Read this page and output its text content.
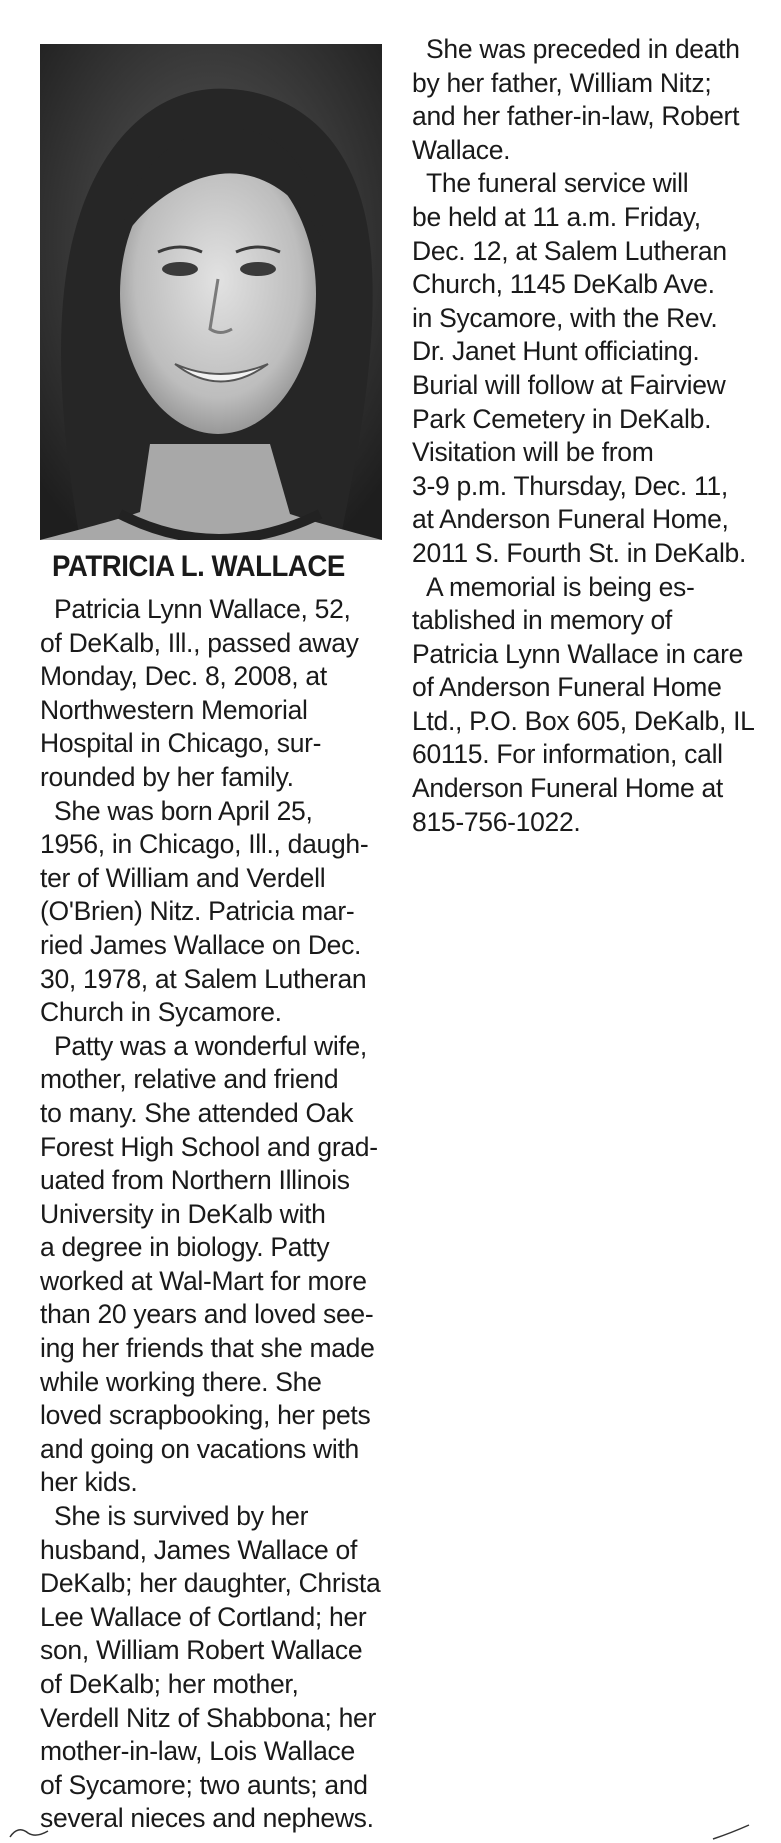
PATRICIA L. WALLACE

Patricia Lynn Wallace, 52,

of DeKalb, Ill., passed away

Monday, Dec. 8, 2008, at

Northwestern Memorial

Hospital in Chicago, sur-

rounded by her family.

She was born April 25,

1956, in Chicago, Ill., daugh-

ter of William and Verdell

(O'Brien) Nitz. Patricia mar-

ried James Wallace on Dec.

30, 1978, at Salem Lutheran

Church in Sycamore.

Patty was a wonderful wife,

mother, relative and friend

to many. She attended Oak

Forest High School and grad-

uated from Northern Illinois

University in DeKalb with

a degree in biology. Patty

worked at Wal-Mart for more

than 20 years and loved see-

ing her friends that she made

while working there. She

loved scrapbooking, her pets

and going on vacations with

her kids.

She is survived by her

husband, James Wallace of

DeKalb; her daughter, Christa

Lee Wallace of Cortland; her

son, William Robert Wallace

of DeKalb; her mother,

Verdell Nitz of Shabbona; her

mother-in-law, Lois Wallace

of Sycamore; two aunts; and

several nieces and nephews.

She was preceded in death

by her father, William Nitz;

and her father-in-law, Robert

Wallace.

The funeral service will

be held at 11 a.m. Friday,

Dec. 12, at Salem Lutheran

Church, 1145 DeKalb Ave.

in Sycamore, with the Rev.

Dr. Janet Hunt officiating.

Burial will follow at Fairview

Park Cemetery in DeKalb.

Visitation will be from

3-9 p.m. Thursday, Dec. 11,

at Anderson Funeral Home,

2011 S. Fourth St. in DeKalb.

A memorial is being es-

tablished in memory of

Patricia Lynn Wallace in care

of Anderson Funeral Home

Ltd., P.O. Box 605, DeKalb, IL

60115. For information, call

Anderson Funeral Home at

815-756-1022.
